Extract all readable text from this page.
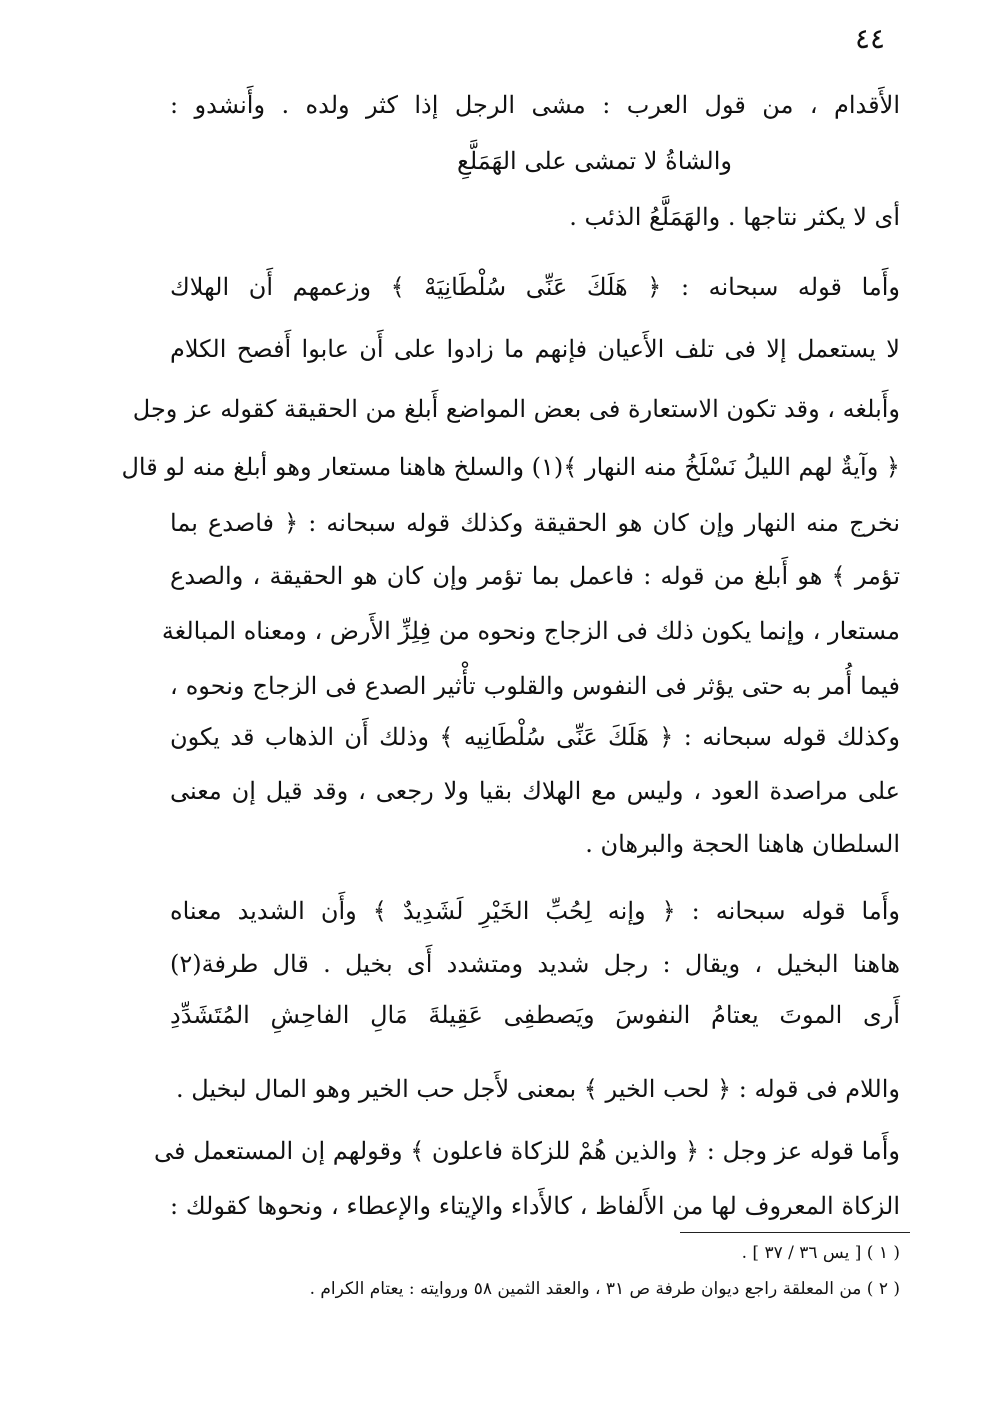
٤٤
الأَقدام ، من قول العرب : مشى الرجل إذا كثر ولده . وأَنشدو :
والشاةُ لا تمشى على الهَمَلَّعِ
أى لا يكثر نتاجها . والهَمَلَّعُ الذئب .
وأَما قوله سبحانه : ﴿ هَلَكَ عَنِّى سُلْطَانِيَهْ ﴾ وزعمهم أَن الهلاك
لا يستعمل إلا فى تلف الأَعيان فإنهم ما زادوا على أَن عابوا أَفصح الكلام
وأَبلغه ، وقد تكون الاستعارة فى بعض المواضع أَبلغ من الحقيقة كقوله عز وجل
﴿ وآيةٌ لهم الليلُ نَسْلَخُ منه النهار ﴾(١) والسلخ هاهنا مستعار وهو أبلغ منه لو قال
نخرج منه النهار وإن كان هو الحقيقة وكذلك قوله سبحانه : ﴿ فاصدع بما
تؤمر ﴾ هو أَبلغ من قوله : فاعمل بما تؤمر وإن كان هو الحقيقة ، والصدع
مستعار ، وإنما يكون ذلك فى الزجاج ونحوه من فِلِزِّ الأَرض ، ومعناه المبالغة
فيما أُمر به حتى يؤثر فى النفوس والقلوب تأْثير الصدع فى الزجاج ونحوه ،
وكذلك قوله سبحانه : ﴿ هَلَكَ عَنِّى سُلْطَانِيه ﴾ وذلك أَن الذهاب قد يكون
على مراصدة العود ، وليس مع الهلاك بقيا ولا رجعى ، وقد قيل إن معنى
السلطان هاهنا الحجة والبرهان .
وأَما قوله سبحانه : ﴿ وإنه لِحُبِّ الخَيْرِ لَشَدِيدٌ ﴾ وأَن الشديد معناه
هاهنا البخيل ، ويقال : رجل شديد ومتشدد أَى بخيل . قال طرفة(٢)
أَرى الموتَ يعتامُ النفوسَ ويَصطفِى عَقِيلةَ مَالِ الفاحِشِ المُتَشَدِّدِ
واللام فى قوله : ﴿ لحب الخير ﴾ بمعنى لأَجل حب الخير وهو المال لبخيل .
وأَما قوله عز وجل : ﴿ والذين هُمْ للزكاة فاعلون ﴾ وقولهم إن المستعمل فى
الزكاة المعروف لها من الأَلفاظ ، كالأَداء والإيتاء والإعطاء ، ونحوها كقولك :
( ١ ) [ يس ٣٦ / ٣٧ ] .
( ٢ ) من المعلقة راجع ديوان طرفة ص ٣١ ، والعقد الثمين ٥٨ وروايته : يعتام الكرام .
